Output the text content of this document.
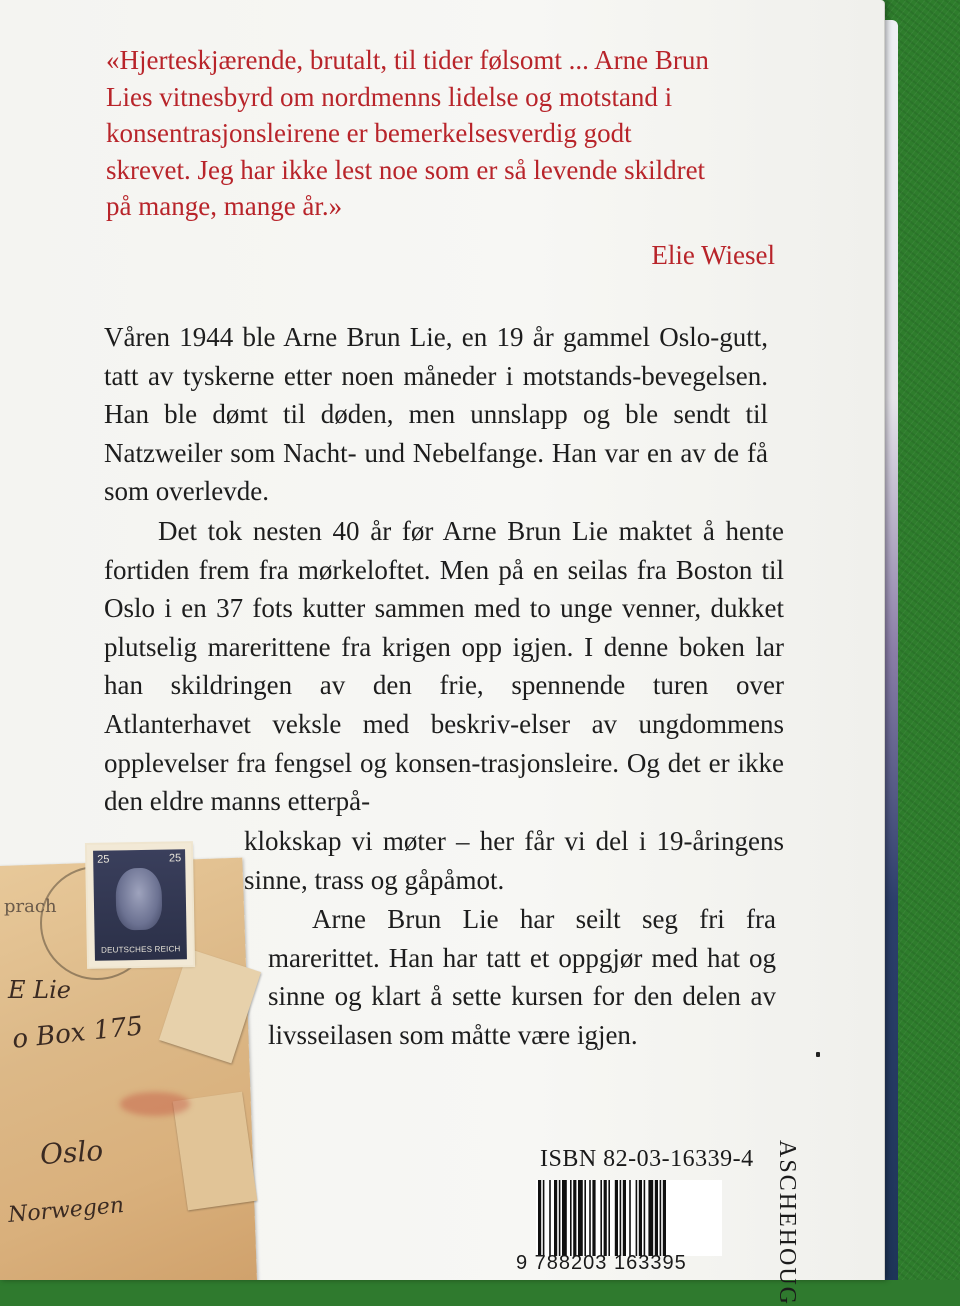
«Hjerteskjærende, brutalt, til tider følsomt ... Arne Brun

Lies vitnesbyrd om nordmenns lidelse og motstand i

konsentrasjonsleirene er bemerkelsesverdig godt

skrevet. Jeg har ikke lest noe som er så levende skildret

på mange, mange år.»

Elie Wiesel

Våren 1944 ble Arne Brun Lie, en 19 år gammel Oslo-gutt, tatt av tyskerne etter noen måneder i motstands-bevegelsen. Han ble dømt til døden, men unnslapp og ble sendt til Natzweiler som Nacht- und Nebelfange. Han var en av de få som overlevde.

Det tok nesten 40 år før Arne Brun Lie maktet å hente fortiden frem fra mørkeloftet. Men på en seilas fra Boston til Oslo i en 37 fots kutter sammen med to unge venner, dukket plutselig marerittene fra krigen opp igjen. I denne boken lar han skildringen av den frie, spennende turen over Atlanterhavet veksle med beskriv-elser av ungdommens opplevelser fra fengsel og konsen-trasjonsleire. Og det er ikke den eldre manns etterpå-

klokskap vi møter – her får vi del i 19-åringens sinne, trass og gåpåmot.

Arne Brun Lie har seilt seg fri fra marerittet. Han har tatt et oppgjør med hat og sinne og klart å sette kursen for den delen av livsseilasen som måtte være igjen.

25	25
DEUTSCHES REICH
prach
E Lie
o Box 175
Oslo
Norwegen
ISBN 82-03-16339-4
9 788203 163395	ASCHEHOUG
